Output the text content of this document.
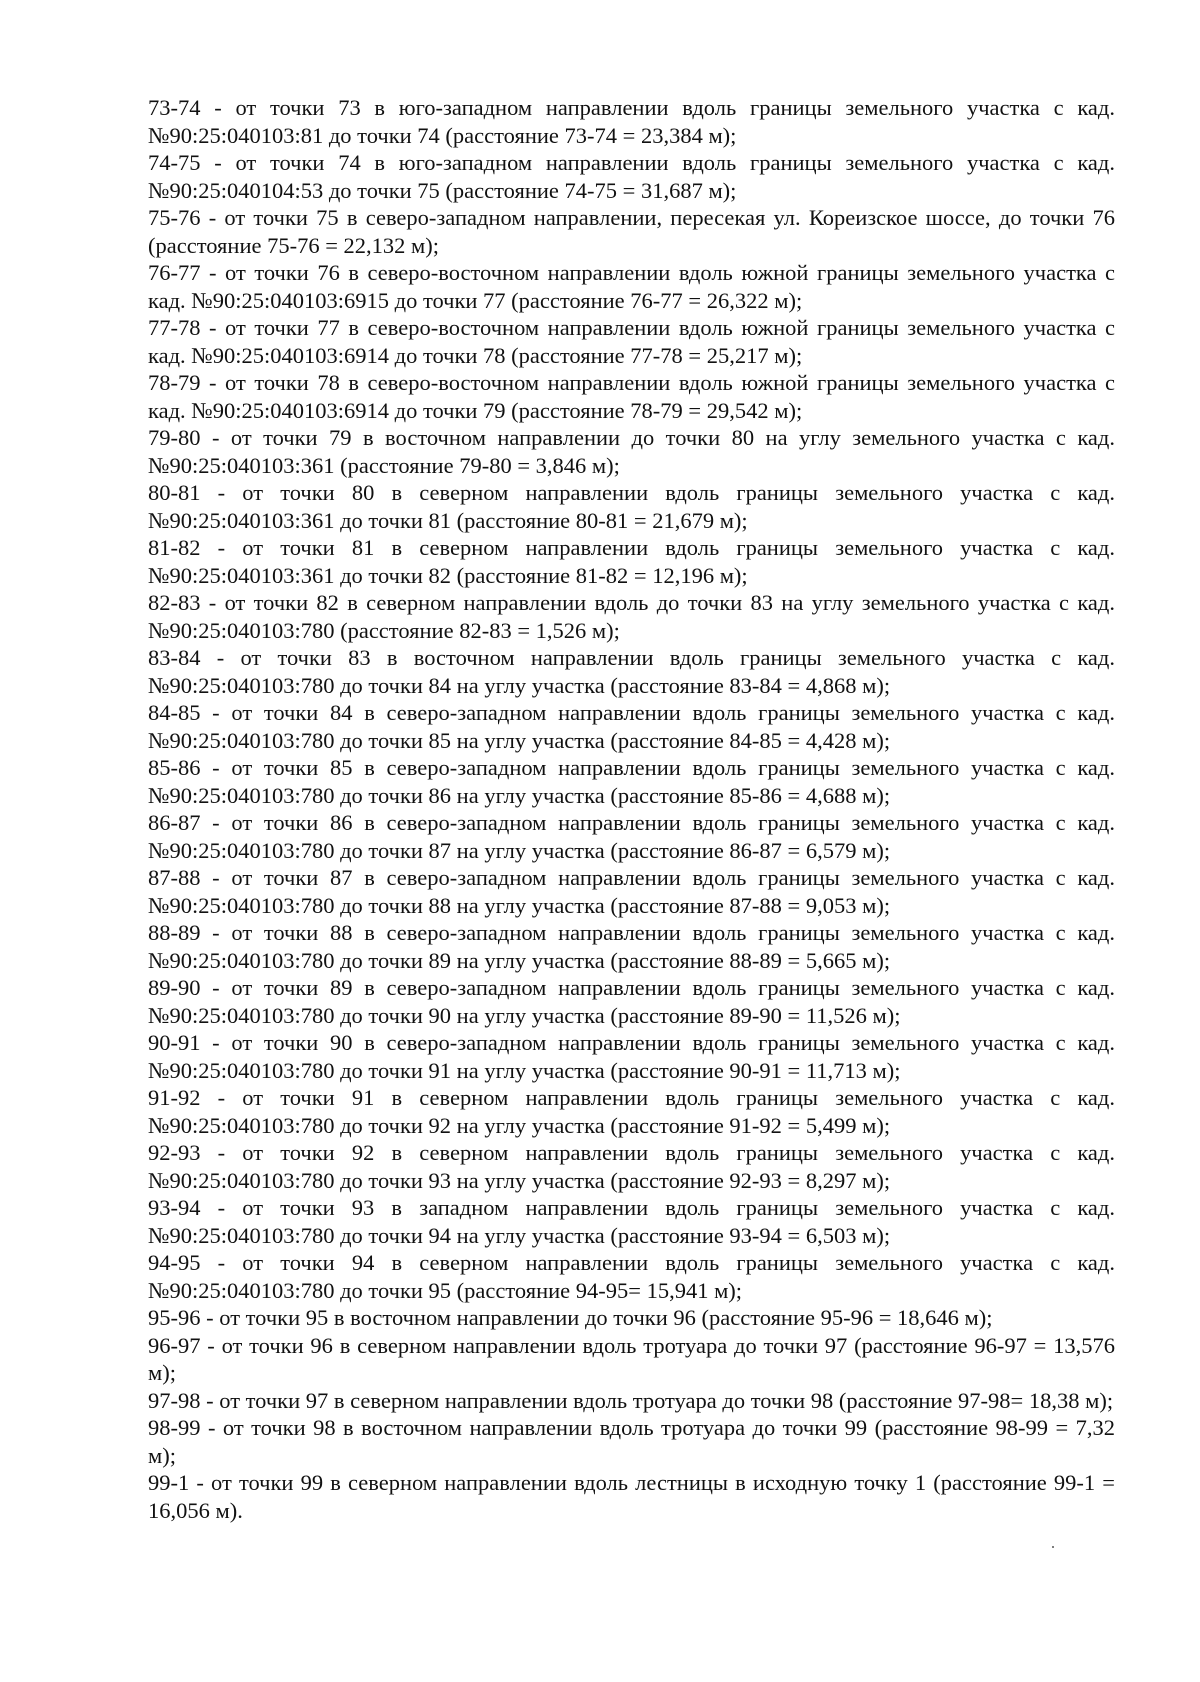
73-74 - от точки 73 в юго-западном направлении вдоль границы земельного участка с кад. №90:25:040103:81 до точки 74 (расстояние 73-74 = 23,384 м);

74-75 - от точки 74 в юго-западном направлении вдоль границы земельного участка с кад. №90:25:040104:53 до точки 75 (расстояние 74-75 = 31,687 м);

75-76 - от точки 75 в северо-западном направлении, пересекая ул. Кореизское шоссе, до точки 76 (расстояние 75-76 = 22,132 м);

76-77 - от точки 76 в северо-восточном направлении вдоль южной границы земельного участка с кад. №90:25:040103:6915 до точки 77 (расстояние 76-77 = 26,322 м);

77-78 - от точки 77 в северо-восточном направлении вдоль южной границы земельного участка с кад. №90:25:040103:6914 до точки 78 (расстояние 77-78 = 25,217 м);

78-79 - от точки 78 в северо-восточном направлении вдоль южной границы земельного участка с кад. №90:25:040103:6914 до точки 79 (расстояние 78-79 = 29,542 м);

79-80 - от точки 79 в восточном направлении до точки 80 на углу земельного участка с кад. №90:25:040103:361 (расстояние 79-80 = 3,846 м);

80-81 - от точки 80 в северном направлении вдоль границы земельного участка с кад. №90:25:040103:361 до точки 81 (расстояние 80-81 = 21,679 м);

81-82 - от точки 81 в северном направлении вдоль границы земельного участка с кад. №90:25:040103:361 до точки 82 (расстояние 81-82 = 12,196 м);

82-83 - от точки 82 в северном направлении вдоль до точки 83 на углу земельного участка с кад. №90:25:040103:780 (расстояние 82-83 = 1,526 м);

83-84 - от точки 83 в восточном направлении вдоль границы земельного участка с кад. №90:25:040103:780 до точки 84 на углу участка (расстояние 83-84 = 4,868 м);

84-85 - от точки 84 в северо-западном направлении вдоль границы земельного участка с кад. №90:25:040103:780 до точки 85 на углу участка (расстояние 84-85 = 4,428 м);

85-86 - от точки 85 в северо-западном направлении вдоль границы земельного участка с кад. №90:25:040103:780 до точки 86 на углу участка (расстояние 85-86 = 4,688 м);

86-87 - от точки 86 в северо-западном направлении вдоль границы земельного участка с кад. №90:25:040103:780 до точки 87 на углу участка (расстояние 86-87 = 6,579 м);

87-88 - от точки 87 в северо-западном направлении вдоль границы земельного участка с кад. №90:25:040103:780 до точки 88 на углу участка (расстояние 87-88 = 9,053 м);

88-89 - от точки 88 в северо-западном направлении вдоль границы земельного участка с кад. №90:25:040103:780 до точки 89 на углу участка (расстояние 88-89 = 5,665 м);

89-90 - от точки 89 в северо-западном направлении вдоль границы земельного участка с кад. №90:25:040103:780 до точки 90 на углу участка (расстояние 89-90 = 11,526 м);

90-91 - от точки 90 в северо-западном направлении вдоль границы земельного участка с кад. №90:25:040103:780 до точки 91 на углу участка (расстояние 90-91 = 11,713 м);

91-92 - от точки 91 в северном направлении вдоль границы земельного участка с кад. №90:25:040103:780 до точки 92 на углу участка (расстояние 91-92 = 5,499 м);

92-93 - от точки 92 в северном направлении вдоль границы земельного участка с кад. №90:25:040103:780 до точки 93 на углу участка (расстояние 92-93 = 8,297 м);

93-94 - от точки 93 в западном направлении вдоль границы земельного участка с кад. №90:25:040103:780 до точки 94 на углу участка (расстояние 93-94 = 6,503 м);

94-95 - от точки 94 в северном направлении вдоль границы земельного участка с кад. №90:25:040103:780 до точки 95 (расстояние 94-95= 15,941 м);

95-96 - от точки 95 в восточном направлении до точки 96 (расстояние 95-96 = 18,646 м);

96-97 - от точки 96 в северном направлении вдоль тротуара до точки 97 (расстояние 96-97 = 13,576 м);

97-98 - от точки 97 в северном направлении вдоль тротуара до точки 98 (расстояние 97-98= 18,38 м);

98-99 - от точки 98 в восточном направлении вдоль тротуара до точки 99 (расстояние 98-99 = 7,32 м);

99-1 - от точки 99 в северном направлении вдоль лестницы в исходную точку 1 (расстояние 99-1 = 16,056 м).
